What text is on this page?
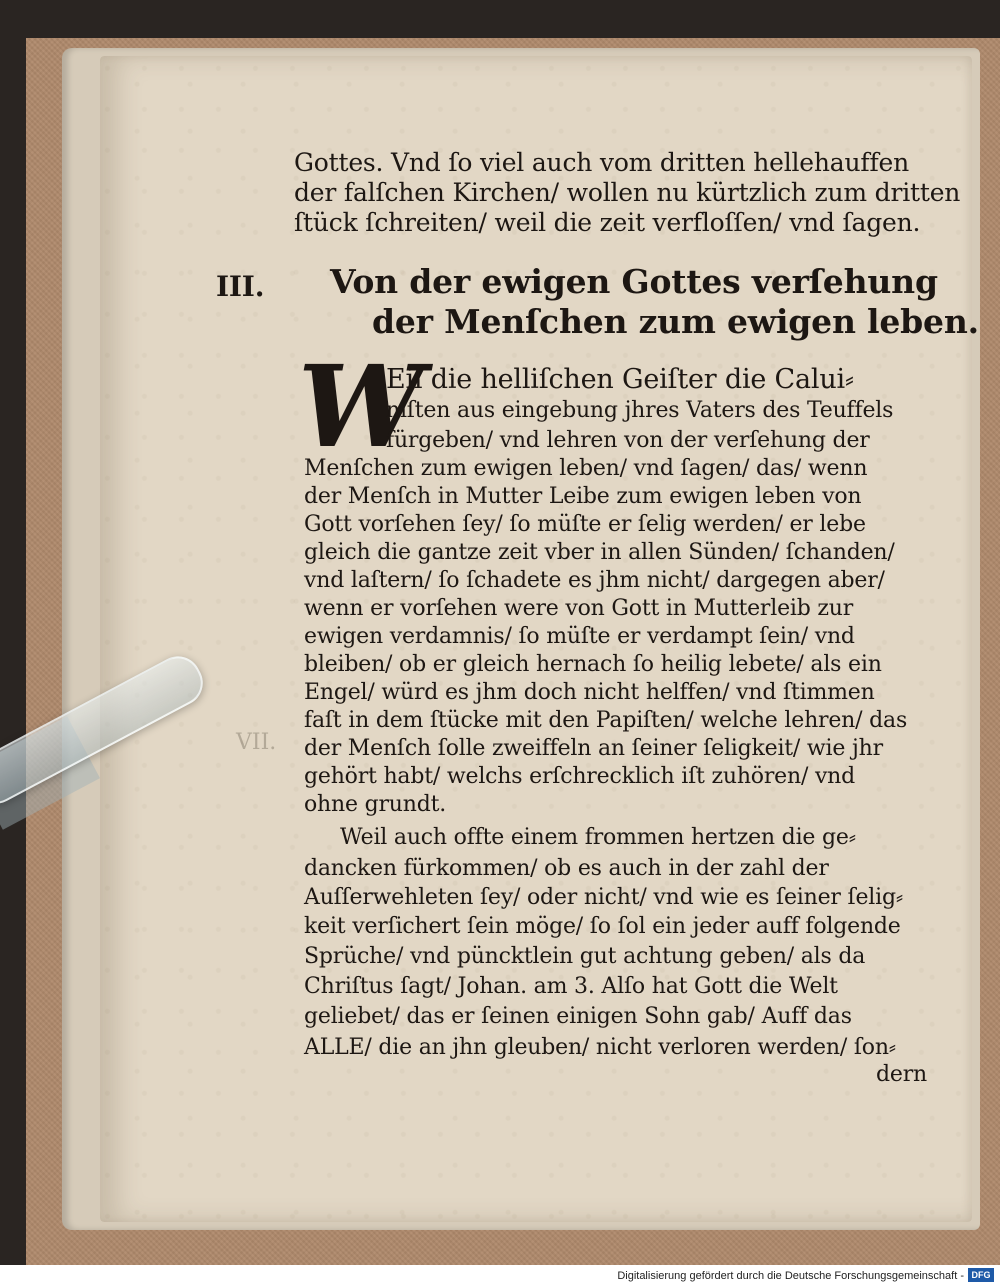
VII.

Gottes. Vnd ſo viel auch vom dritten hellehauffen

der falſchen Kirchen/ wollen nu kürtzlich zum dritten

ſtück ſchreiten/ weil die zeit verfloſſen/ vnd ſagen.

III. Von der ewigen Gottes verſehung

der Menſchen zum ewigen leben.

W

Eil die helliſchen Geiſter die Calui⸗

niſten aus eingebung jhres Vaters des Teuffels

fürgeben/ vnd lehren von der verſehung der

Menſchen zum ewigen leben/ vnd ſagen/ das/ wenn

der Menſch in Mutter Leibe zum ewigen leben von

Gott vorſehen ſey/ ſo müſte er ſelig werden/ er lebe

gleich die gantze zeit vber in allen Sünden/ ſchanden/

vnd laſtern/ ſo ſchadete es jhm nicht/ dargegen aber/

wenn er vorſehen were von Gott in Mutterleib zur

ewigen verdamnis/ ſo müſte er verdampt ſein/ vnd

bleiben/ ob er gleich hernach ſo heilig lebete/ als ein

Engel/ würd es jhm doch nicht helffen/ vnd ſtimmen

faſt in dem ſtücke mit den Papiſten/ welche lehren/ das

der Menſch ſolle zweiffeln an ſeiner ſeligkeit/ wie jhr

gehört habt/ welchs erſchrecklich iſt zuhören/ vnd

ohne grundt.

Weil auch offte einem frommen hertzen die ge⸗

dancken fürkommen/ ob es auch in der zahl der

Auſſerwehleten ſey/ oder nicht/ vnd wie es ſeiner ſelig⸗

keit verſichert ſein möge/ ſo ſol ein jeder auff folgende

Sprüche/ vnd püncktlein gut achtung geben/ als da

Chriſtus ſagt/ Johan. am 3. Alſo hat Gott die Welt

geliebet/ das er ſeinen einigen Sohn gab/ Auff das

ALLE/ die an jhn gleuben/ nicht verloren werden/ ſon⸗

dern

Digitalisierung gefördert durch die Deutsche Forschungsgemeinschaft - DFG
